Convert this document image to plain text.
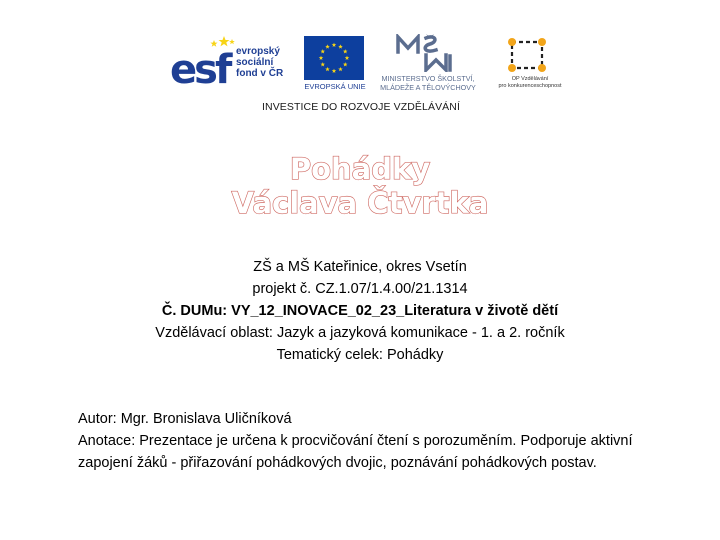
esf evropský
sociální
fond v ČR
EVROPSKÁ UNIE
MINISTERSTVO ŠKOLSTVÍ,
MLÁDEŽE A TĚLOVÝCHOVY
OP Vzdělávání
pro konkurenceschopnost
INVESTICE DO ROZVOJE VZDĚLÁVÁNÍ
Pohádky
Václava Čtvrtka
ZŠ a MŠ Kateřinice, okres Vsetín
projekt č. CZ.1.07/1.4.00/21.1314
Č. DUMu: VY_12_INOVACE_02_23_Literatura v životě dětí
Vzdělávací oblast: Jazyk a jazyková komunikace - 1. a 2. ročník
Tematický celek: Pohádky
Autor: Mgr. Bronislava Uličníková
Anotace: Prezentace je určena k procvičování čtení s porozuměním. Podporuje aktivní zapojení žáků - přiřazování pohádkových dvojic, poznávání pohádkových postav.
